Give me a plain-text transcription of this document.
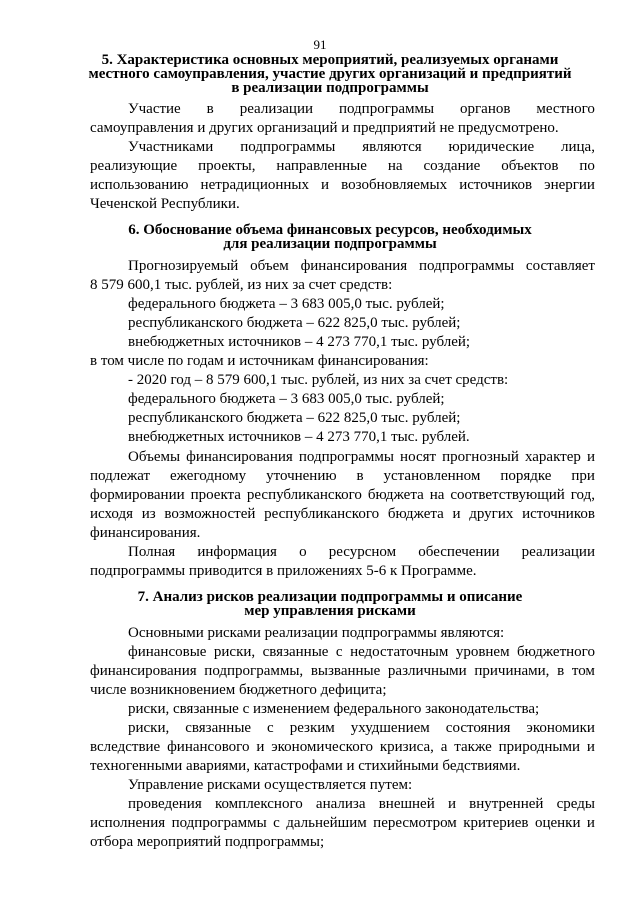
91
5. Характеристика основных мероприятий, реализуемых органами
местного самоуправления, участие других организаций и предприятий
в реализации подпрограммы
Участие в реализации подпрограммы органов местного
самоуправления и других организаций и предприятий не предусмотрено.
Участниками подпрограммы являются юридические лица,
реализующие проекты, направленные на создание объектов по
использованию нетрадиционных и возобновляемых источников энергии
Чеченской Республики.
6. Обоснование объема финансовых ресурсов, необходимых
для реализации подпрограммы
Прогнозируемый объем финансирования подпрограммы составляет
8 579 600,1 тыс. рублей, из них за счет средств:
федерального бюджета – 3 683 005,0 тыс. рублей;
республиканского бюджета – 622 825,0 тыс. рублей;
внебюджетных источников – 4 273 770,1 тыс. рублей;
в том числе по годам и источникам финансирования:
- 2020 год – 8 579 600,1 тыс. рублей, из них за счет средств:
федерального бюджета – 3 683 005,0 тыс. рублей;
республиканского бюджета – 622 825,0 тыс. рублей;
внебюджетных источников – 4 273 770,1 тыс. рублей.
Объемы финансирования подпрограммы носят прогнозный характер и
подлежат ежегодному уточнению в установленном порядке при
формировании проекта республиканского бюджета на соответствующий год,
исходя из возможностей республиканского бюджета и других источников
финансирования.
Полная информация о ресурсном обеспечении реализации
подпрограммы приводится в приложениях 5-6 к Программе.
7. Анализ рисков реализации подпрограммы и описание
мер управления рисками
Основными рисками реализации подпрограммы являются:
финансовые риски, связанные с недостаточным уровнем бюджетного
финансирования подпрограммы, вызванные различными причинами, в том
числе возникновением бюджетного дефицита;
риски, связанные с изменением федерального законодательства;
риски, связанные с резким ухудшением состояния экономики
вследствие финансового и экономического кризиса, а также природными и
техногенными авариями, катастрофами и стихийными бедствиями.
Управление рисками осуществляется путем:
проведения комплексного анализа внешней и внутренней среды
исполнения подпрограммы с дальнейшим пересмотром критериев оценки и
отбора мероприятий подпрограммы;
